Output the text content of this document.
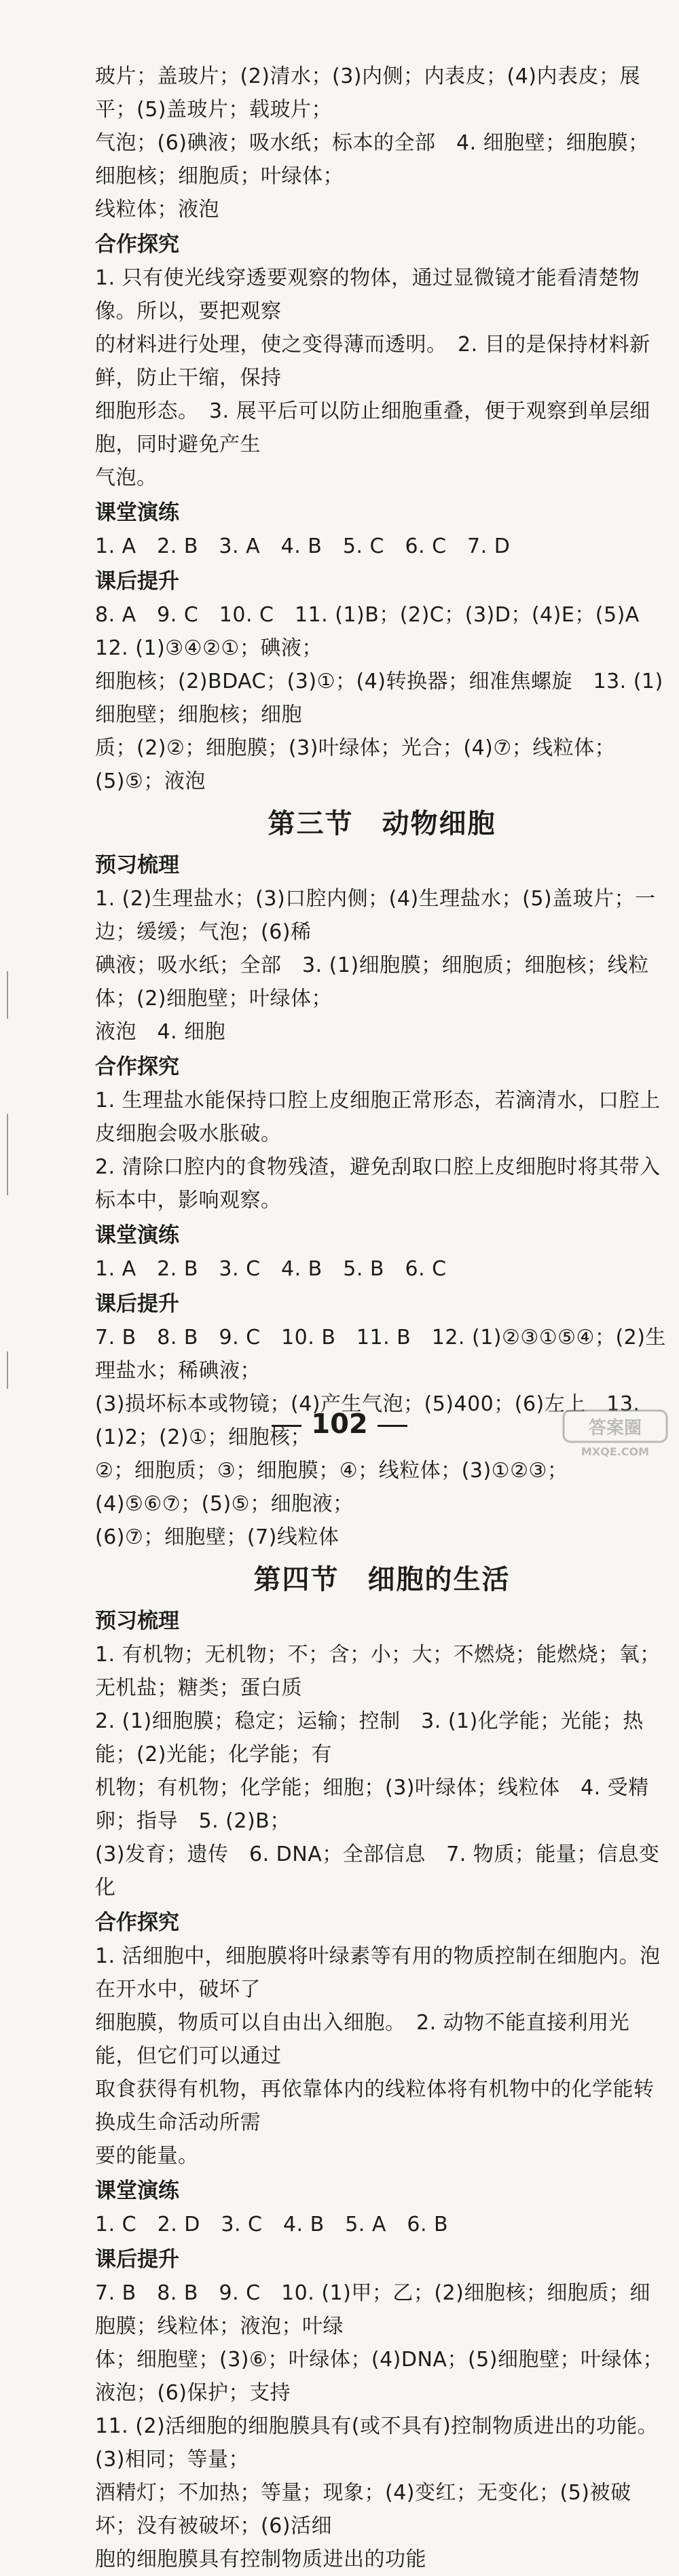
玻片；盖玻片；(2)清水；(3)内侧；内表皮；(4)内表皮；展平；(5)盖玻片；载玻片；
气泡；(6)碘液；吸水纸；标本的全部　4. 细胞壁；细胞膜；细胞核；细胞质；叶绿体；
线粒体；液泡
合作探究
1. 只有使光线穿透要观察的物体，通过显微镜才能看清楚物像。所以，要把观察
的材料进行处理，使之变得薄而透明。　2. 目的是保持材料新鲜，防止干缩，保持
细胞形态。　3. 展平后可以防止细胞重叠，便于观察到单层细胞，同时避免产生
气泡。
课堂演练
1. A　2. B　3. A　4. B　5. C　6. C　7. D
课后提升
8. A　9. C　10. C　11. (1)B；(2)C；(3)D；(4)E；(5)A　12. (1)③④②①；碘液；
细胞核；(2)BDAC；(3)①；(4)转换器；细准焦螺旋　13. (1)细胞壁；细胞核；细胞
质；(2)②；细胞膜；(3)叶绿体；光合；(4)⑦；线粒体；(5)⑤；液泡
第三节　动物细胞
预习梳理
1. (2)生理盐水；(3)口腔内侧；(4)生理盐水；(5)盖玻片；一边；缓缓；气泡；(6)稀
碘液；吸水纸；全部　3. (1)细胞膜；细胞质；细胞核；线粒体；(2)细胞壁；叶绿体；
液泡　4. 细胞
合作探究
1. 生理盐水能保持口腔上皮细胞正常形态，若滴清水，口腔上皮细胞会吸水胀破。
2. 清除口腔内的食物残渣，避免刮取口腔上皮细胞时将其带入标本中，影响观察。
课堂演练
1. A　2. B　3. C　4. B　5. B　6. C
课后提升
7. B　8. B　9. C　10. B　11. B　12. (1)②③①⑤④；(2)生理盐水；稀碘液；
(3)损坏标本或物镜；(4)产生气泡；(5)400；(6)左上　13. (1)2；(2)①；细胞核；
②；细胞质；③；细胞膜；④；线粒体；(3)①②③；(4)⑤⑥⑦；(5)⑤；细胞液；
(6)⑦；细胞壁；(7)线粒体
第四节　细胞的生活
预习梳理
1. 有机物；无机物；不；含；小；大；不燃烧；能燃烧；氧；无机盐；糖类；蛋白质
2. (1)细胞膜；稳定；运输；控制　3. (1)化学能；光能；热能；(2)光能；化学能；有
机物；有机物；化学能；细胞；(3)叶绿体；线粒体　4. 受精卵；指导　5. (2)B；
(3)发育；遗传　6. DNA；全部信息　7. 物质；能量；信息变化
合作探究
1. 活细胞中，细胞膜将叶绿素等有用的物质控制在细胞内。泡在开水中，破坏了
细胞膜，物质可以自由出入细胞。　2. 动物不能直接利用光能，但它们可以通过
取食获得有机物，再依靠体内的线粒体将有机物中的化学能转换成生命活动所需
要的能量。
课堂演练
1. C　2. D　3. C　4. B　5. A　6. B
课后提升
7. B　8. B　9. C　10. (1)甲；乙；(2)细胞核；细胞质；细胞膜；线粒体；液泡；叶绿
体；细胞壁；(3)⑥；叶绿体；(4)DNA；(5)细胞壁；叶绿体；液泡；(6)保护；支持
11. (2)活细胞的细胞膜具有(或不具有)控制物质进出的功能。(3)相同；等量；
酒精灯；不加热；等量；现象；(4)变红；无变化；(5)被破坏；没有被破坏；(6)活细
胞的细胞膜具有控制物质进出的功能
102	答案圈
MXQE.COM
